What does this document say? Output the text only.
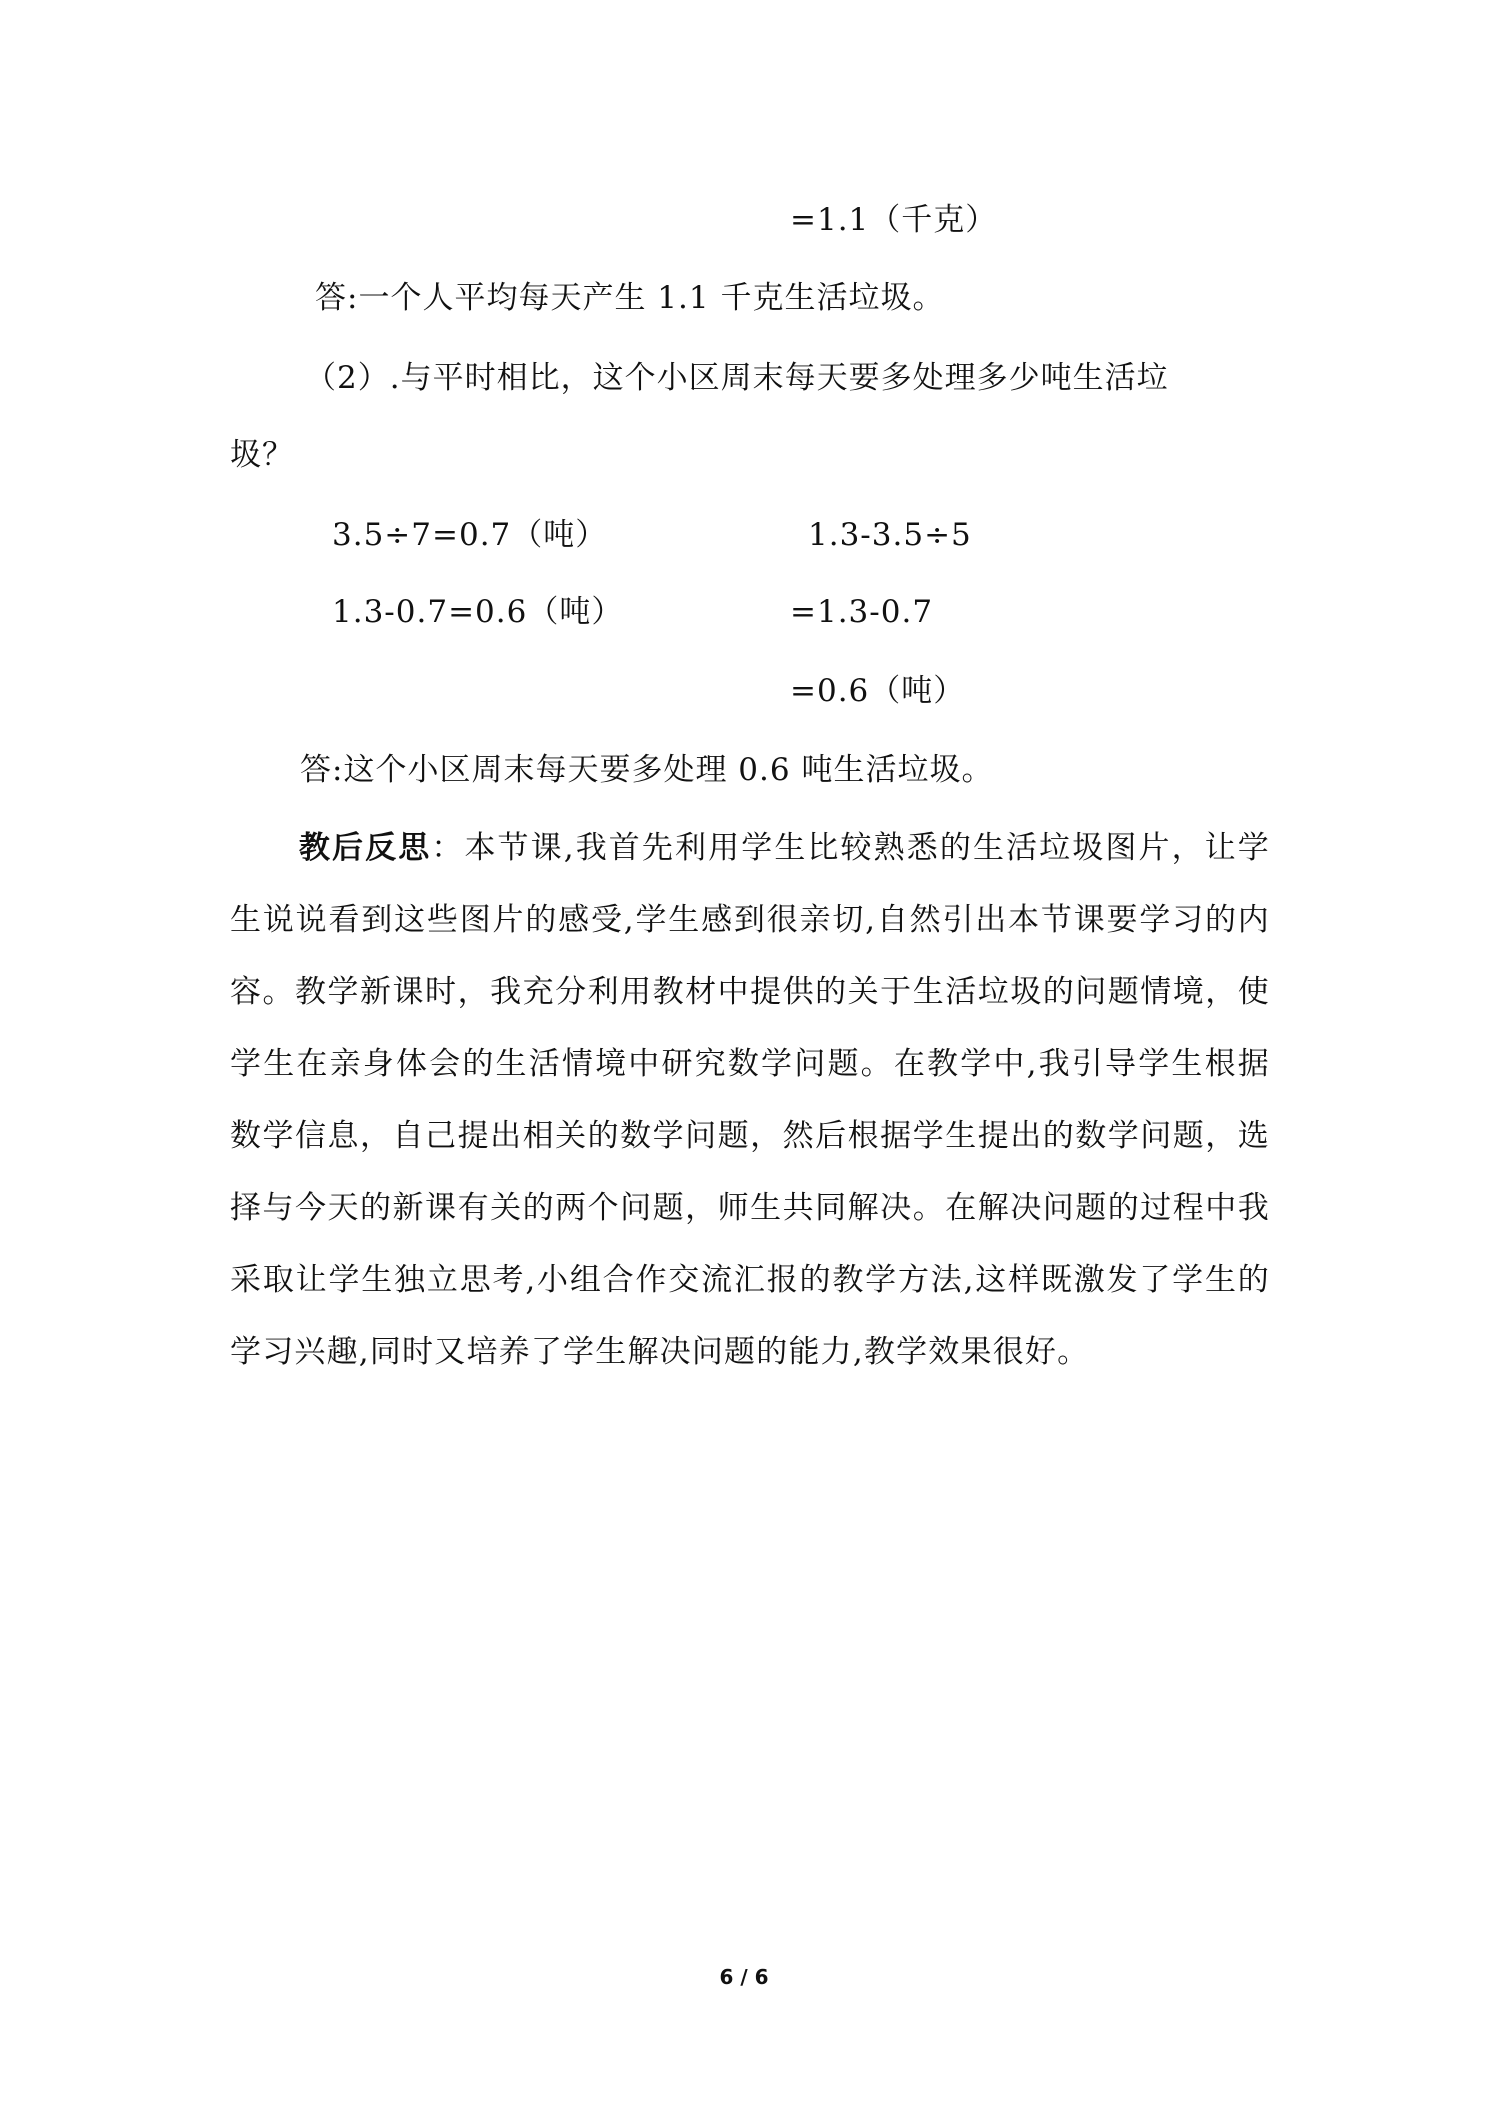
=1.1（千克）
答:一个人平均每天产生 1.1 千克生活垃圾。
（2）.与平时相比，这个小区周末每天要多处理多少吨生活垃
圾？
3.5÷7=0.7（吨）	1.3-3.5÷5
1.3-0.7=0.6（吨）	=1.3-0.7
=0.6（吨）
答:这个小区周末每天要多处理 0.6 吨生活垃圾。
教后反思：本节课,我首先利用学生比较熟悉的生活垃圾图片，让学生说说看到这些图片的感受,学生感到很亲切,自然引出本节课要学习的内容。教学新课时，我充分利用教材中提供的关于生活垃圾的问题情境，使学生在亲身体会的生活情境中研究数学问题。在教学中,我引导学生根据数学信息，自己提出相关的数学问题，然后根据学生提出的数学问题，选择与今天的新课有关的两个问题，师生共同解决。在解决问题的过程中我采取让学生独立思考,小组合作交流汇报的教学方法,这样既激发了学生的学习兴趣,同时又培养了学生解决问题的能力,教学效果很好。
6 / 6
